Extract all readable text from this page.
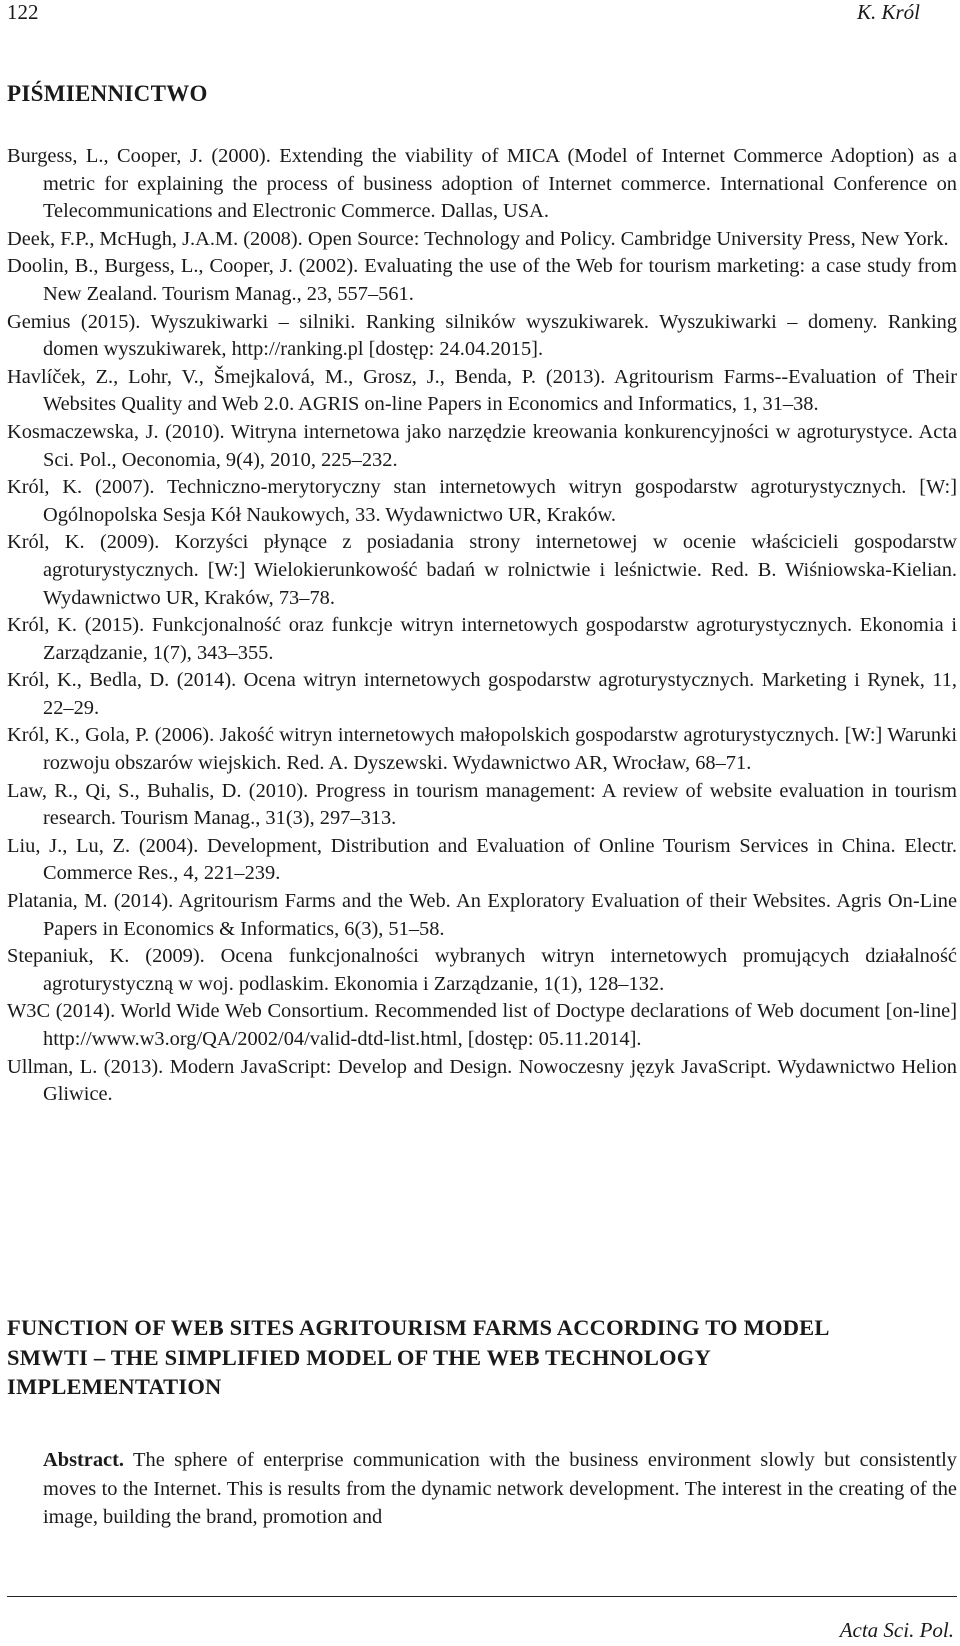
122	K. Król
PIŚMIENNICTWO
Burgess, L., Cooper, J. (2000). Extending the viability of MICA (Model of Internet Commerce Adoption) as a metric for explaining the process of business adoption of Internet commerce. International Conference on Telecommunications and Electronic Commerce. Dallas, USA.
Deek, F.P., McHugh, J.A.M. (2008). Open Source: Technology and Policy. Cambridge University Press, New York.
Doolin, B., Burgess, L., Cooper, J. (2002). Evaluating the use of the Web for tourism marketing: a case study from New Zealand. Tourism Manag., 23, 557–561.
Gemius (2015). Wyszukiwarki – silniki. Ranking silników wyszukiwarek. Wyszukiwarki – domeny. Ranking domen wyszukiwarek, http://ranking.pl [dostęp: 24.04.2015].
Havlíček, Z., Lohr, V., Šmejkalová, M., Grosz, J., Benda, P. (2013). Agritourism Farms-‑Evaluation of Their Websites Quality and Web 2.0. AGRIS on-line Papers in Economics and Informatics, 1, 31–38.
Kosmaczewska, J. (2010). Witryna internetowa jako narzędzie kreowania konkurencyjności w agroturystyce. Acta Sci. Pol., Oeconomia, 9(4), 2010, 225–232.
Król, K. (2007). Techniczno-merytoryczny stan internetowych witryn gospodarstw agroturystycznych. [W:] Ogólnopolska Sesja Kół Naukowych, 33. Wydawnictwo UR, Kraków.
Król, K. (2009). Korzyści płynące z posiadania strony internetowej w ocenie właścicieli gospodarstw agroturystycznych. [W:] Wielokierunkowość badań w rolnictwie i leśnictwie. Red. B. Wiśniowska-Kielian. Wydawnictwo UR, Kraków, 73–78.
Król, K. (2015). Funkcjonalność oraz funkcje witryn internetowych gospodarstw agroturystycznych. Ekonomia i Zarządzanie, 1(7), 343–355.
Król, K., Bedla, D. (2014). Ocena witryn internetowych gospodarstw agroturystycznych. Marketing i Rynek, 11, 22–29.
Król, K., Gola, P. (2006). Jakość witryn internetowych małopolskich gospodarstw agroturystycznych. [W:] Warunki rozwoju obszarów wiejskich. Red. A. Dyszewski. Wydawnictwo AR, Wrocław, 68–71.
Law, R., Qi, S., Buhalis, D. (2010). Progress in tourism management: A review of website evaluation in tourism research. Tourism Manag., 31(3), 297–313.
Liu, J., Lu, Z. (2004). Development, Distribution and Evaluation of Online Tourism Services in China. Electr. Commerce Res., 4, 221–239.
Platania, M. (2014). Agritourism Farms and the Web. An Exploratory Evaluation of their Websites. Agris On-Line Papers in Economics & Informatics, 6(3), 51–58.
Stepaniuk, K. (2009). Ocena funkcjonalności wybranych witryn internetowych promujących działalność agroturystyczną w woj. podlaskim. Ekonomia i Zarządzanie, 1(1), 128–132.
W3C (2014). World Wide Web Consortium. Recommended list of Doctype declarations of Web document [on-line] http://www.w3.org/QA/2002/04/valid-dtd-list.html, [dostęp: 05.11.2014].
Ullman, L. (2013). Modern JavaScript: Develop and Design. Nowoczesny język JavaScript. Wydawnictwo Helion Gliwice.
FUNCTION OF WEB SITES AGRITOURISM FARMS ACCORDING TO MODEL SMWTI – THE SIMPLIFIED MODEL OF THE WEB TECHNOLOGY IMPLEMENTATION

Abstract. The sphere of enterprise communication with the business environment slowly but consistently moves to the Internet. This is results from the dynamic network development. The interest in the creating of the image, building the brand, promotion and

Acta Sci. Pol.
